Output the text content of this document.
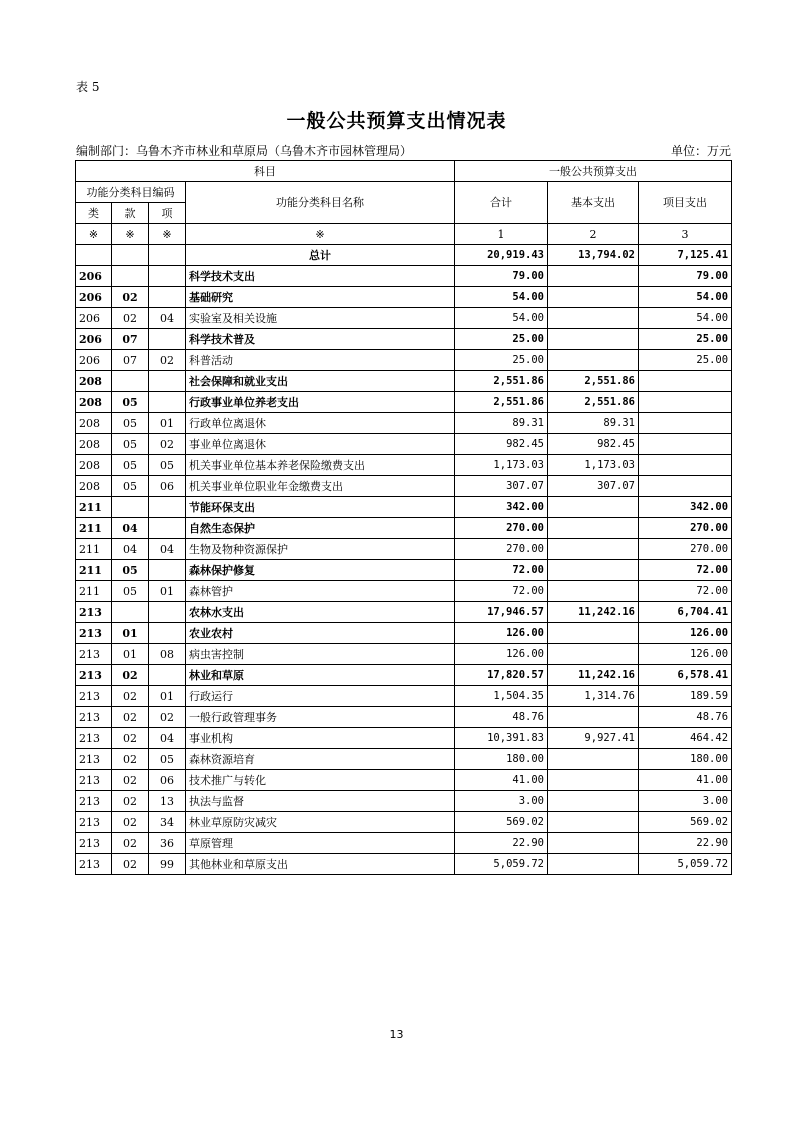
表 5
一般公共预算支出情况表
编制部门：乌鲁木齐市林业和草原局（乌鲁木齐市园林管理局）	单位：万元
科目				一般公共预算支出		
功能分类科目编码			功能分类科目名称	合计	基本支出	项目支出
类	款	项				
※	※	※	※	1	2	3
			总计	20,919.43	13,794.02	7,125.41
206			科学技术支出	79.00		79.00
206	02		基础研究	54.00		54.00
206	02	04	实验室及相关设施	54.00		54.00
206	07		科学技术普及	25.00		25.00
206	07	02	科普活动	25.00		25.00
208			社会保障和就业支出	2,551.86	2,551.86	
208	05		行政事业单位养老支出	2,551.86	2,551.86	
208	05	01	行政单位离退休	89.31	89.31	
208	05	02	事业单位离退休	982.45	982.45	
208	05	05	机关事业单位基本养老保险缴费支出	1,173.03	1,173.03	
208	05	06	机关事业单位职业年金缴费支出	307.07	307.07	
211			节能环保支出	342.00		342.00
211	04		自然生态保护	270.00		270.00
211	04	04	生物及物种资源保护	270.00		270.00
211	05		森林保护修复	72.00		72.00
211	05	01	森林管护	72.00		72.00
213			农林水支出	17,946.57	11,242.16	6,704.41
213	01		农业农村	126.00		126.00
213	01	08	病虫害控制	126.00		126.00
213	02		林业和草原	17,820.57	11,242.16	6,578.41
213	02	01	行政运行	1,504.35	1,314.76	189.59
213	02	02	一般行政管理事务	48.76		48.76
213	02	04	事业机构	10,391.83	9,927.41	464.42
213	02	05	森林资源培育	180.00		180.00
213	02	06	技术推广与转化	41.00		41.00
213	02	13	执法与监督	3.00		3.00
213	02	34	林业草原防灾减灾	569.02		569.02
213	02	36	草原管理	22.90		22.90
213	02	99	其他林业和草原支出	5,059.72		5,059.72
13
